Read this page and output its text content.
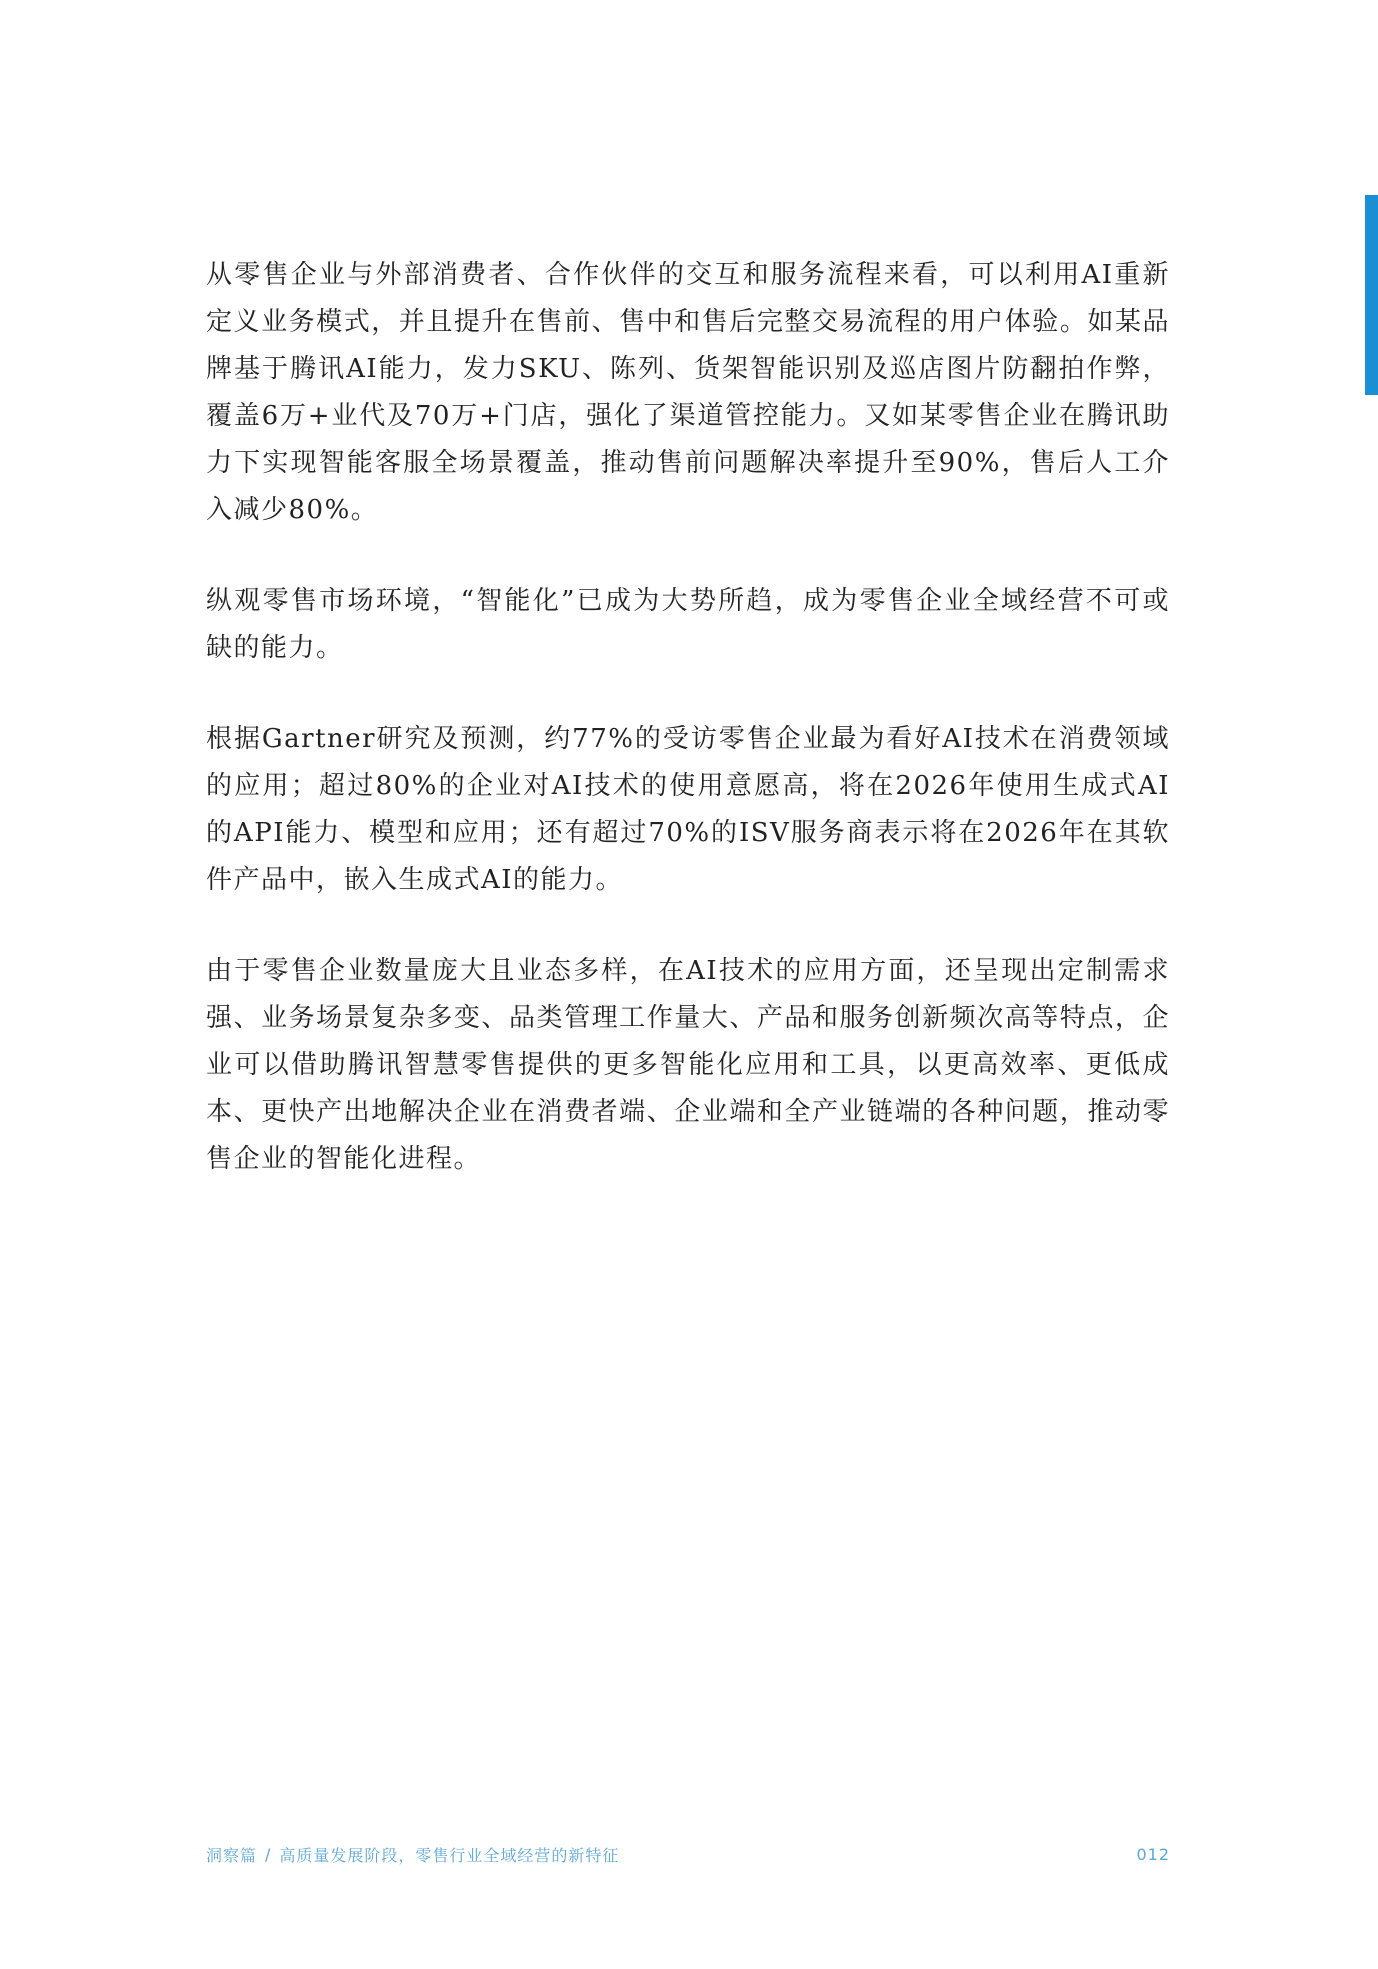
从零售企业与外部消费者、合作伙伴的交互和服务流程来看，可以利用AI重新定义业务模式，并且提升在售前、售中和售后完整交易流程的用户体验。如某品牌基于腾讯AI能力，发力SKU、陈列、货架智能识别及巡店图片防翻拍作弊，覆盖6万+业代及70万+门店，强化了渠道管控能力。又如某零售企业在腾讯助力下实现智能客服全场景覆盖，推动售前问题解决率提升至90%，售后人工介入减少80%。

纵观零售市场环境，“智能化”已成为大势所趋，成为零售企业全域经营不可或缺的能力。

根据Gartner研究及预测，约77%的受访零售企业最为看好AI技术在消费领域的应用；超过80%的企业对AI技术的使用意愿高，将在2026年使用生成式AI的API能力、模型和应用；还有超过70%的ISV服务商表示将在2026年在其软件产品中，嵌入生成式AI的能力。

由于零售企业数量庞大且业态多样，在AI技术的应用方面，还呈现出定制需求强、业务场景复杂多变、品类管理工作量大、产品和服务创新频次高等特点，企业可以借助腾讯智慧零售提供的更多智能化应用和工具，以更高效率、更低成本、更快产出地解决企业在消费者端、企业端和全产业链端的各种问题，推动零售企业的智能化进程。

洞察篇 / 高质量发展阶段，零售行业全域经营的新特征	012
